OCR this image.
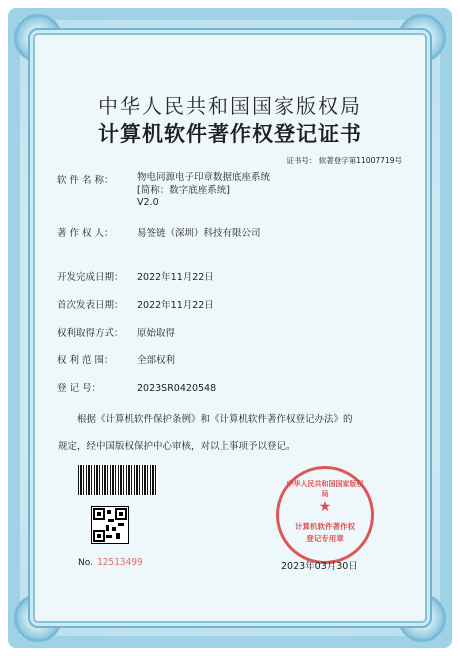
中华人民共和国国家版权局
计算机软件著作权登记证书
证书号： 软著登字第11007719号
软 件 名 称： 物电同源电子印章数据底座系统
[简称：数字底座系统]
V2.0
著 作 权 人： 易签链（深圳）科技有限公司
开发完成日期： 2022年11月22日
首次发表日期： 2022年11月22日
权利取得方式： 原始取得
权 利 范 围： 全部权利
登 记 号：	2023SR0420548
根据《计算机软件保护条例》和《计算机软件著作权登记办法》的
规定，经中国版权保护中心审核，对以上事项予以登记。
No. 12513499
中华人民共和国国家版权局
★
计算机软件著作权
登记专用章
2023年03月30日
